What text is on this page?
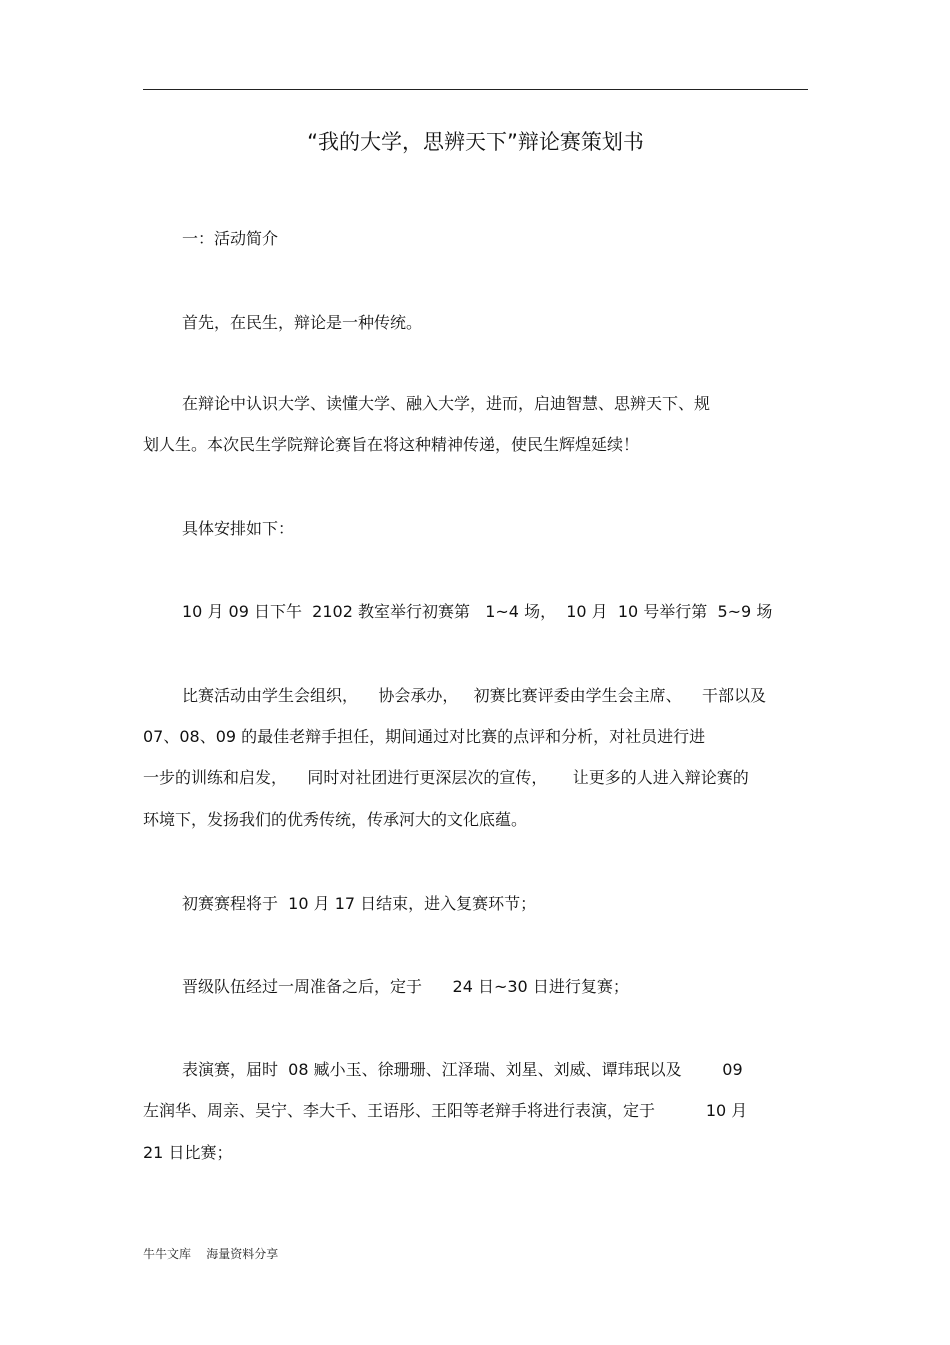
“我的大学，思辨天下”辩论赛策划书
一：活动简介
首先，在民生，辩论是一种传统。
在辩论中认识大学、读懂大学、融入大学，进而，启迪智慧、思辨天下、规
划人生。本次民生学院辩论赛旨在将这种精神传递，使民生辉煌延续！
具体安排如下：
10 月 09 日下午  2102 教室举行初赛第   1~4 场，  10 月  10 号举行第  5~9 场
比赛活动由学生会组织，    协会承办，   初赛比赛评委由学生会主席、    干部以及
07、08、09 的最佳老辩手担任，期间通过对比赛的点评和分析，对社员进行进
一步的训练和启发，    同时对社团进行更深层次的宣传，     让更多的人进入辩论赛的
环境下，发扬我们的优秀传统，传承河大的文化底蕴。
初赛赛程将于  10 月 17 日结束，进入复赛环节；
晋级队伍经过一周准备之后，定于      24 日~30 日进行复赛；
表演赛，届时  08 臧小玉、徐珊珊、江泽瑞、刘星、刘威、谭玮珉以及        09
左润华、周亲、吴宁、李大千、王语彤、王阳等老辩手将进行表演，定于          10 月
21 日比赛；
牛牛文库    海量资料分享
